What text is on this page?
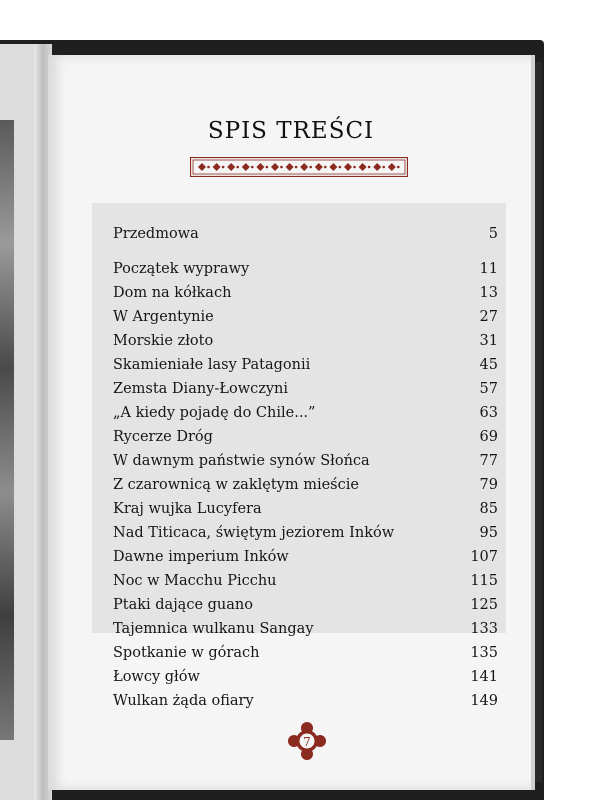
SPIS TREŚCI
Przedmowa	5
Początek wyprawy	11
Dom na kółkach	13
W Argentynie	27
Morskie złoto	31
Skamieniałe lasy Patagonii	45
Zemsta Diany-Łowczyni	57
„A kiedy pojadę do Chile...”	63
Rycerze Dróg	69
W dawnym państwie synów Słońca	77
Z czarownicą w zaklętym mieście	79
Kraj wujka Lucyfera	85
Nad Titicaca, świętym jeziorem Inków	95
Dawne imperium Inków	107
Noc w Macchu Picchu	115
Ptaki dające guano	125
Tajemnica wulkanu Sangay	133
Spotkanie w górach	135
Łowcy głów	141
Wulkan żąda ofiary	149
7
